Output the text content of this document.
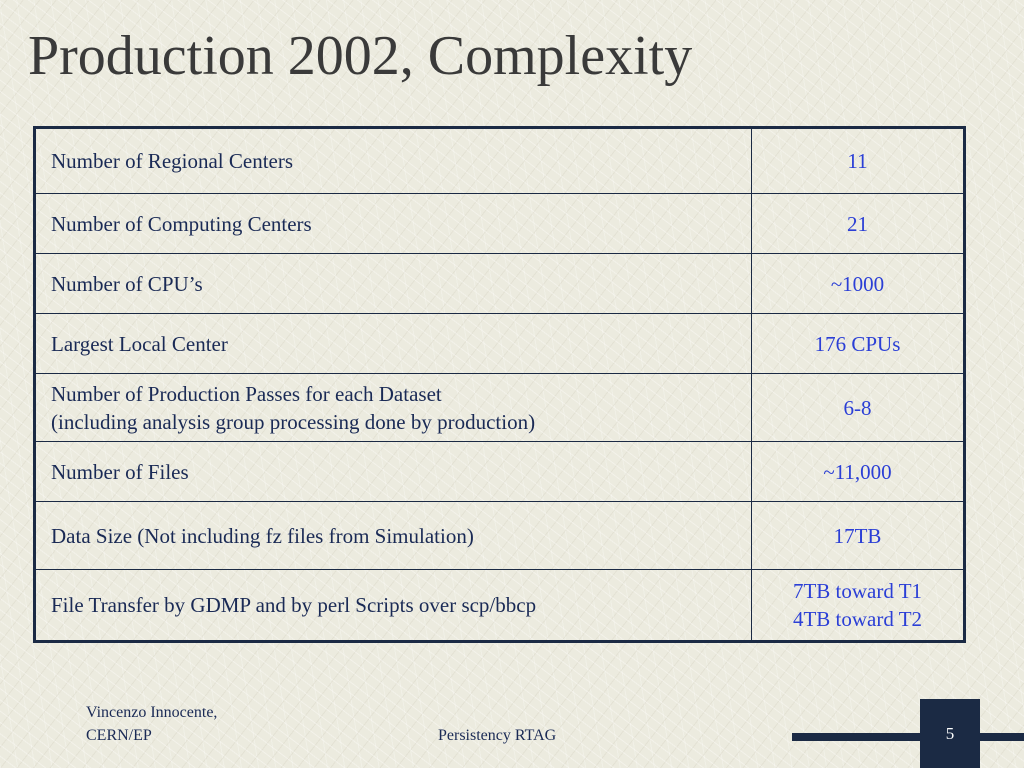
Production 2002, Complexity
Number of Regional Centers	11

Number of Computing Centers	21

Number of CPU’s	~1000

Largest Local Center	176 CPUs

Number of Production Passes for each Dataset
(including analysis group processing done by production)	6-8

Number of Files	~11,000

Data Size (Not including fz files from Simulation)	17TB

File Transfer by GDMP and by perl Scripts over scp/bbcp	7TB toward T1
4TB toward T2
Vincenzo Innocente,
CERN/EP	Persistency RTAG	5
